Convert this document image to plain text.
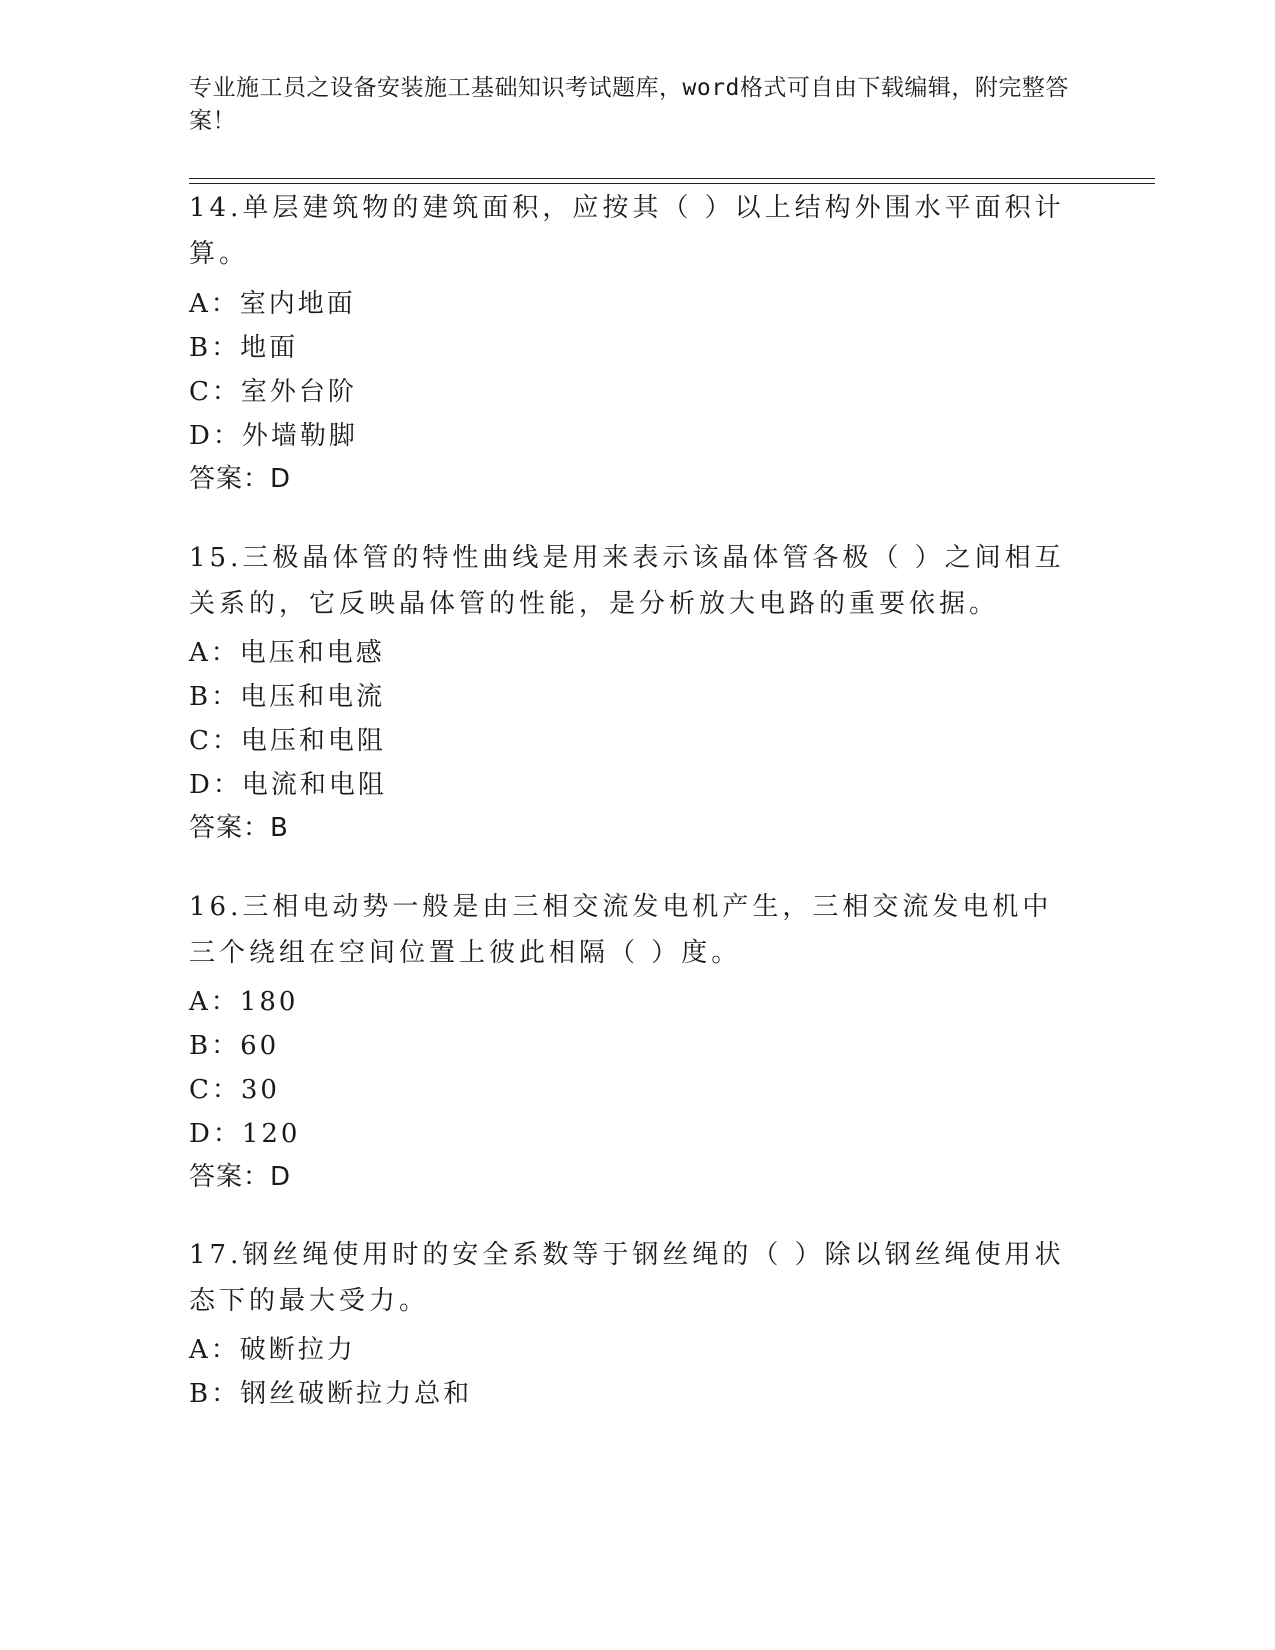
专业施工员之设备安装施工基础知识考试题库，word格式可自由下载编辑，附完整答案！
14.单层建筑物的建筑面积，应按其（ ）以上结构外围水平面积计算。
A：室内地面
B：地面
C：室外台阶
D：外墙勒脚
答案：D
15.三极晶体管的特性曲线是用来表示该晶体管各极（ ）之间相互关系的，它反映晶体管的性能，是分析放大电路的重要依据。
A：电压和电感
B：电压和电流
C：电压和电阻
D：电流和电阻
答案：B
16.三相电动势一般是由三相交流发电机产生，三相交流发电机中三个绕组在空间位置上彼此相隔（ ）度。
A：180
B：60
C：30
D：120
答案：D
17.钢丝绳使用时的安全系数等于钢丝绳的（ ）除以钢丝绳使用状态下的最大受力。
A：破断拉力
B：钢丝破断拉力总和
